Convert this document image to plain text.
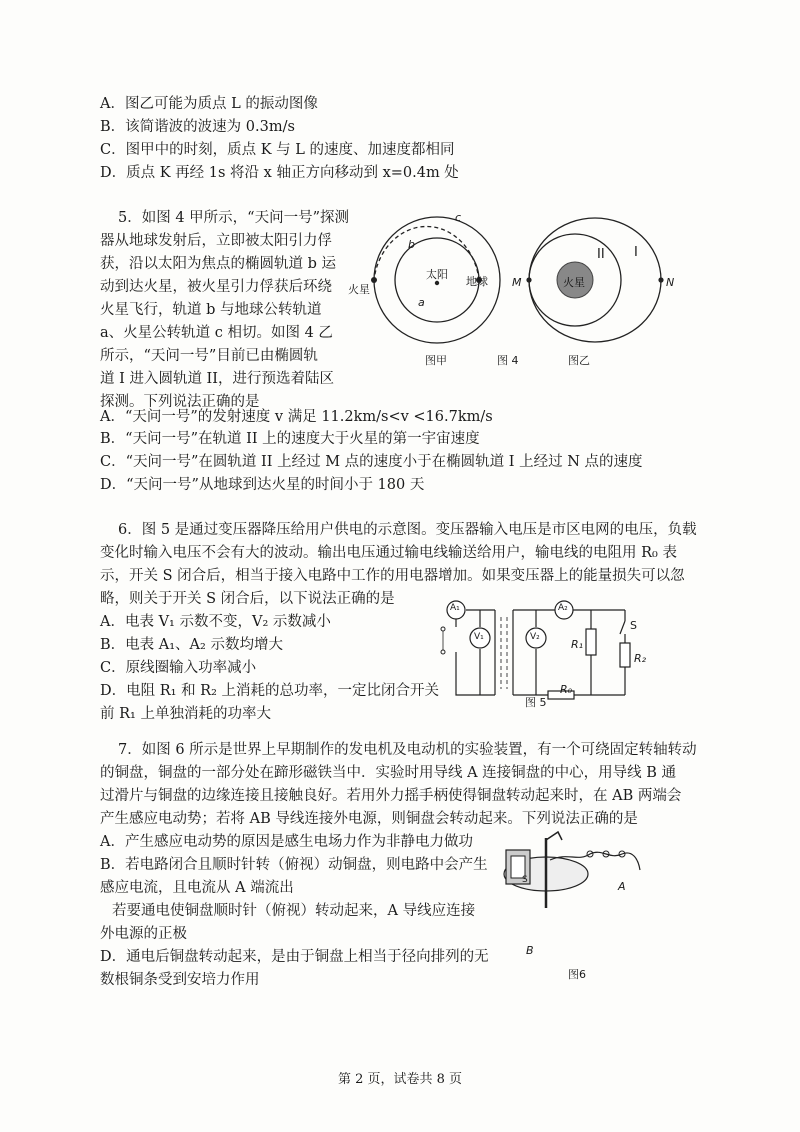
A．图乙可能为质点 L 的振动图像
B．该简谐波的波速为 0.3m/s
C．图甲中的时刻，质点 K 与 L 的速度、加速度都相同
D．质点 K 再经 1s 将沿 x 轴正方向移动到 x=0.4m 处
5．如图 4 甲所示，“天问一号”探测
器从地球发射后，立即被太阳引力俘
获，沿以太阳为焦点的椭圆轨道 b 运
动到达火星，被火星引力俘获后环绕
火星飞行，轨道 b 与地球公转轨道
a、火星公转轨道 c 相切。如图 4 乙
所示，“天问一号”目前已由椭圆轨
道 I 进入圆轨道 II，进行预选着陆区
探测。下列说法正确的是
c
b
a
太阳
地球
火星
图甲	图 4	图乙
II I
M	N
火星
A．“天问一号”的发射速度 v 满足 11.2km/s<v <16.7km/s
B．“天问一号”在轨道 II 上的速度大于火星的第一宇宙速度
C．“天问一号”在圆轨道 II 上经过 M 点的速度小于在椭圆轨道 I 上经过 N 点的速度
D．“天问一号”从地球到达火星的时间小于 180 天
6．图 5 是通过变压器降压给用户供电的示意图。变压器输入电压是市区电网的电压，负载
变化时输入电压不会有大的波动。输出电压通过输电线输送给用户，输电线的电阻用 R₀ 表
示，开关 S 闭合后，相当于接入电路中工作的用电器增加。如果变压器上的能量损失可以忽
略，则关于开关 S 闭合后，以下说法正确的是
A．电表 V₁ 示数不变，V₂ 示数减小
B．电表 A₁、A₂ 示数均增大
C．原线圈输入功率减小
D．电阻 R₁ 和 R₂ 上消耗的总功率，一定比闭合开关
前 R₁ 上单独消耗的功率大
A₁
V₁
A₂
V₂
R₁
R₂
S
R₀
图 5
7．如图 6 所示是世界上早期制作的发电机及电动机的实验装置，有一个可绕固定转轴转动
的铜盘，铜盘的一部分处在蹄形磁铁当中．实验时用导线 A 连接铜盘的中心，用导线 B 通
过滑片与铜盘的边缘连接且接触良好。若用外力摇手柄使得铜盘转动起来时，在 AB 两端会
产生感应电动势；若将 AB 导线连接外电源，则铜盘会转动起来。下列说法正确的是
A．产生感应电动势的原因是感生电场力作为非静电力做功
B．若电路闭合且顺时针转（俯视）动铜盘，则电路中会产生
感应电流，且电流从 A 端流出
若要通电使铜盘顺时针（俯视）转动起来，A 导线应连接
外电源的正极
D．通电后铜盘转动起来，是由于铜盘上相当于径向排列的无
数根铜条受到安培力作用
S	A
B
图6
第 2 页，试卷共 8 页
